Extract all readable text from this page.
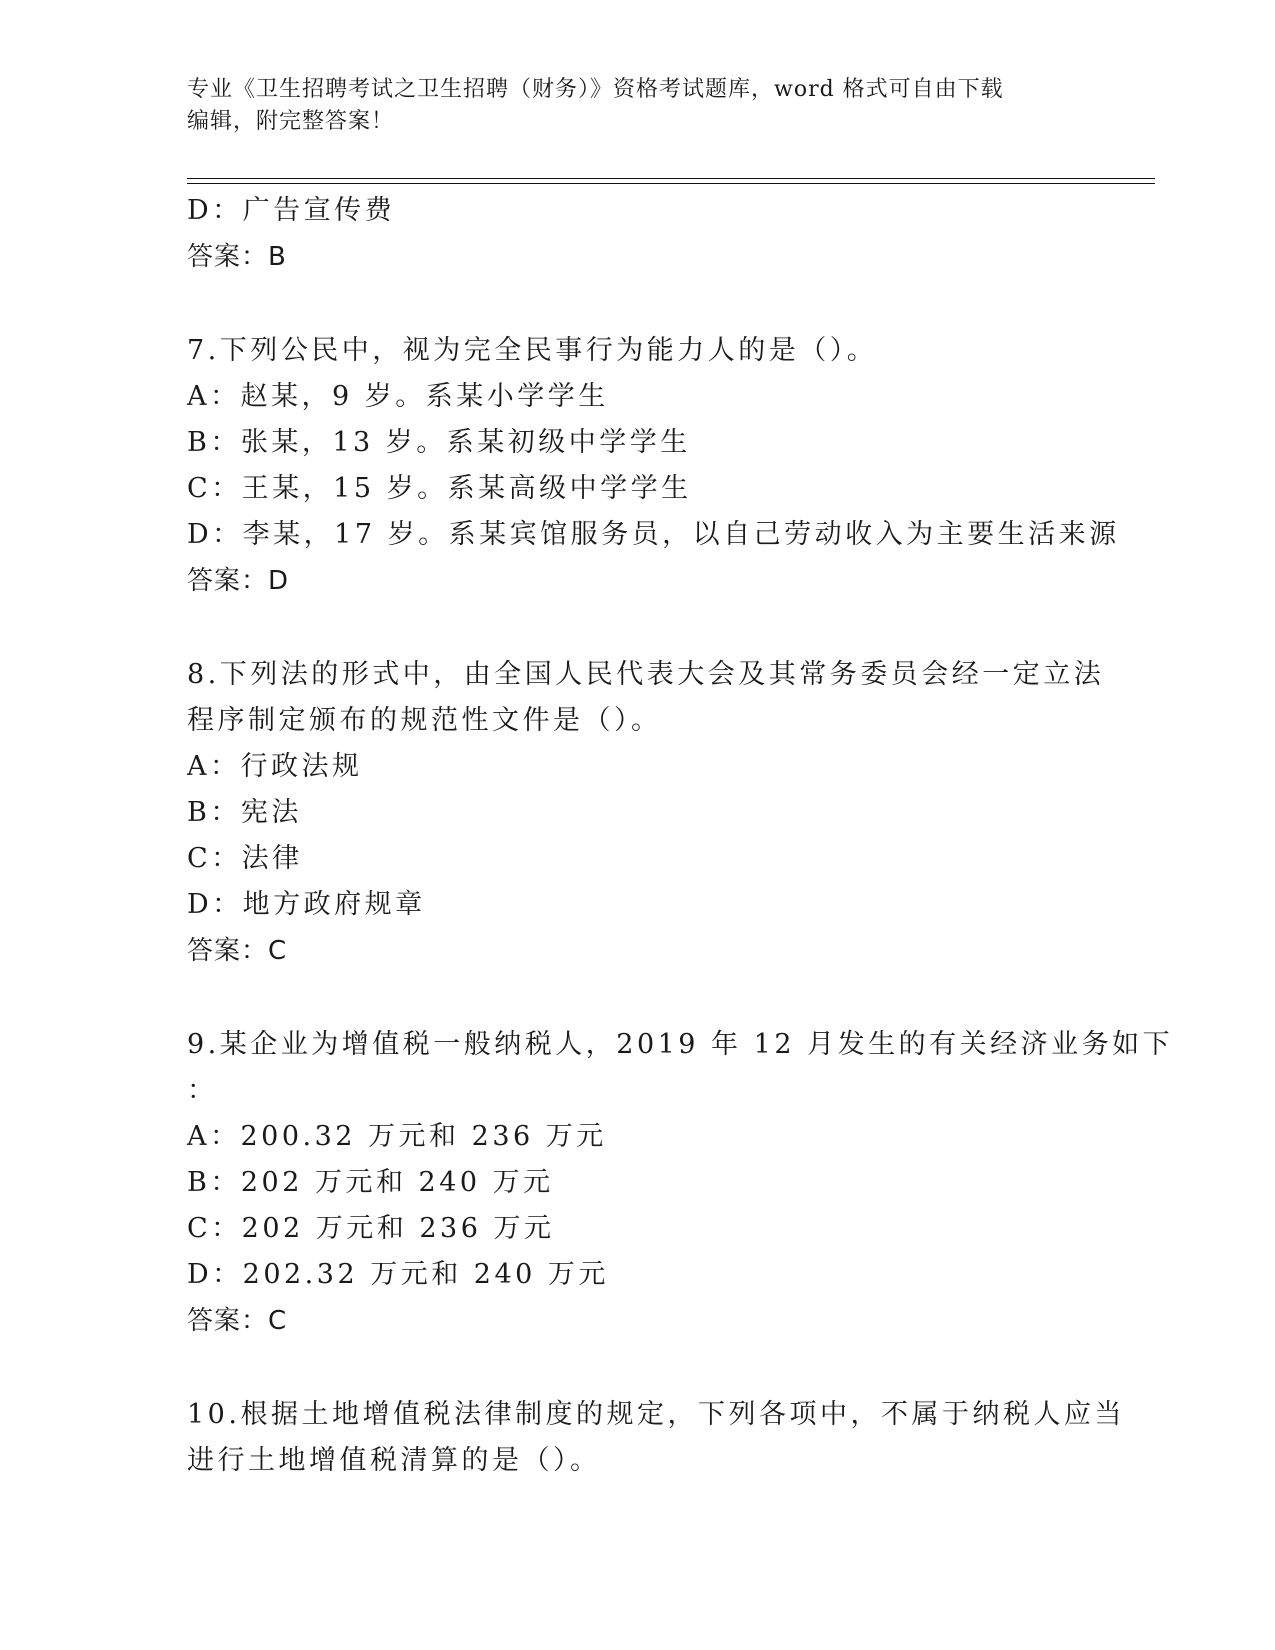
专业《卫生招聘考试之卫生招聘（财务）》资格考试题库，word 格式可自由下载
编辑，附完整答案！
D：广告宣传费
答案：B
7.下列公民中，视为完全民事行为能力人的是（）。
A：赵某，9 岁。系某小学学生
B：张某，13 岁。系某初级中学学生
C：王某，15 岁。系某高级中学学生
D：李某，17 岁。系某宾馆服务员，以自己劳动收入为主要生活来源
答案：D
8.下列法的形式中，由全国人民代表大会及其常务委员会经一定立法
程序制定颁布的规范性文件是（）。
A：行政法规
B：宪法
C：法律
D：地方政府规章
答案：C
9.某企业为增值税一般纳税人，2019 年 12 月发生的有关经济业务如下
：
A：200.32 万元和 236 万元
B：202 万元和 240 万元
C：202 万元和 236 万元
D：202.32 万元和 240 万元
答案：C
10.根据土地增值税法律制度的规定，下列各项中，不属于纳税人应当
进行土地增值税清算的是（）。
